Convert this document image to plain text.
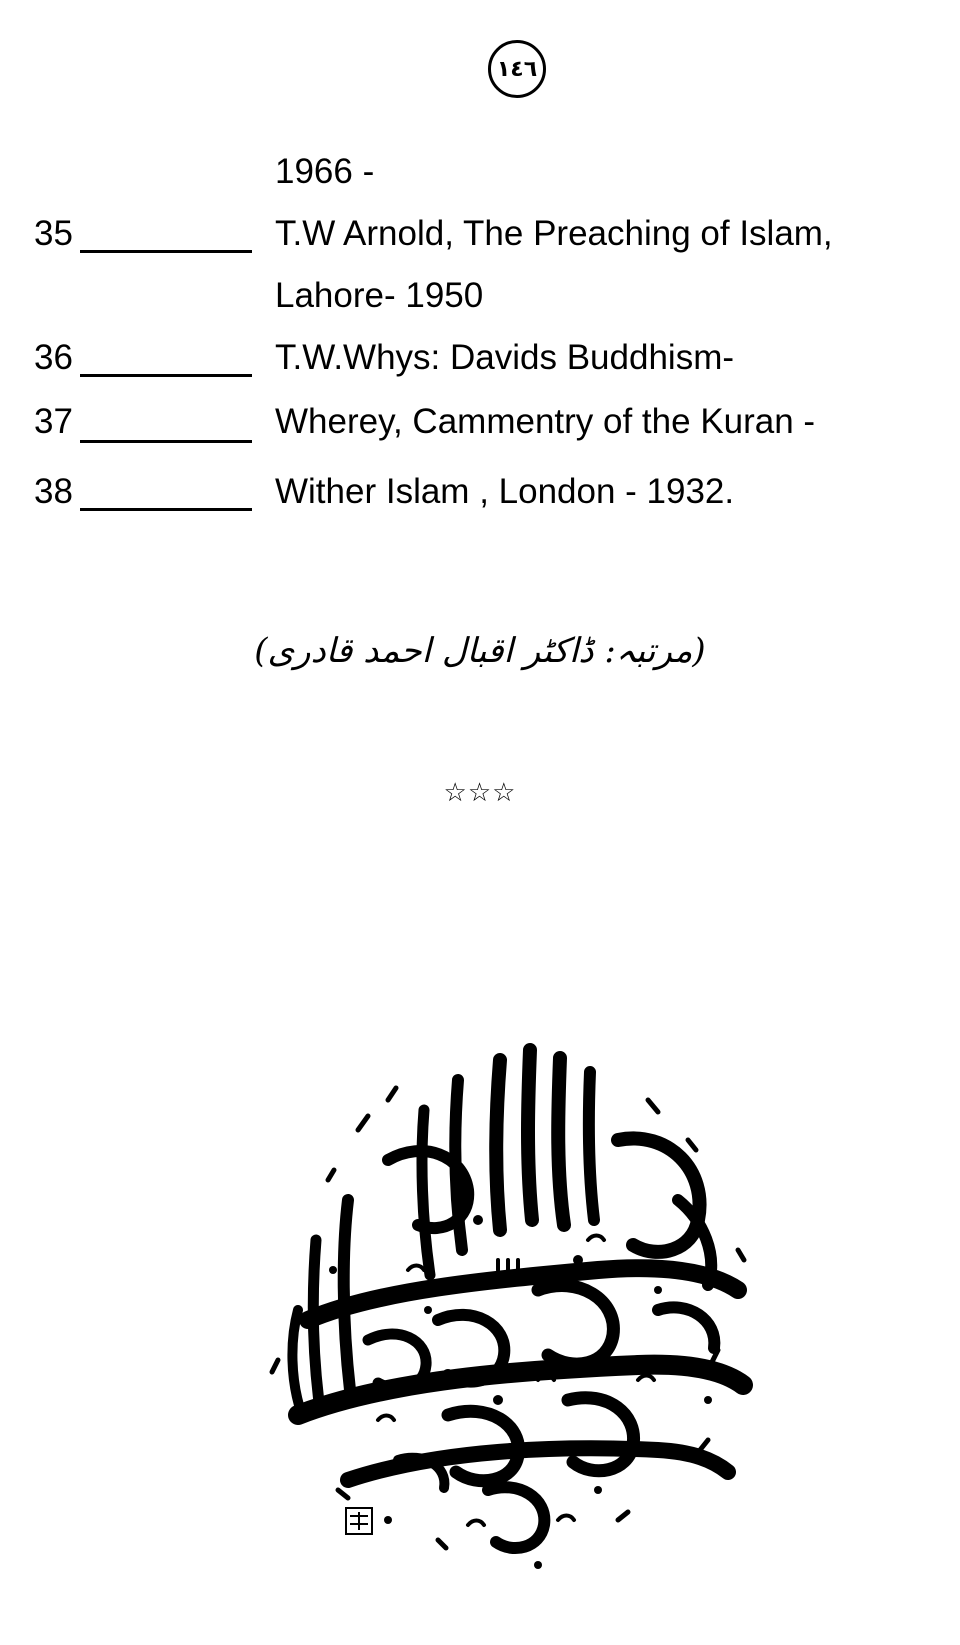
١٤٦
1966 -
35	T.W Arnold, The Preaching of Islam,
Lahore- 1950
36	T.W.Whys: Davids Buddhism-
37	Wherey, Cammentry of the Kuran -
38	Wither Islam , London - 1932.
(مرتبہ: ڈاکٹر اقبال احمد قادری)
☆☆☆
